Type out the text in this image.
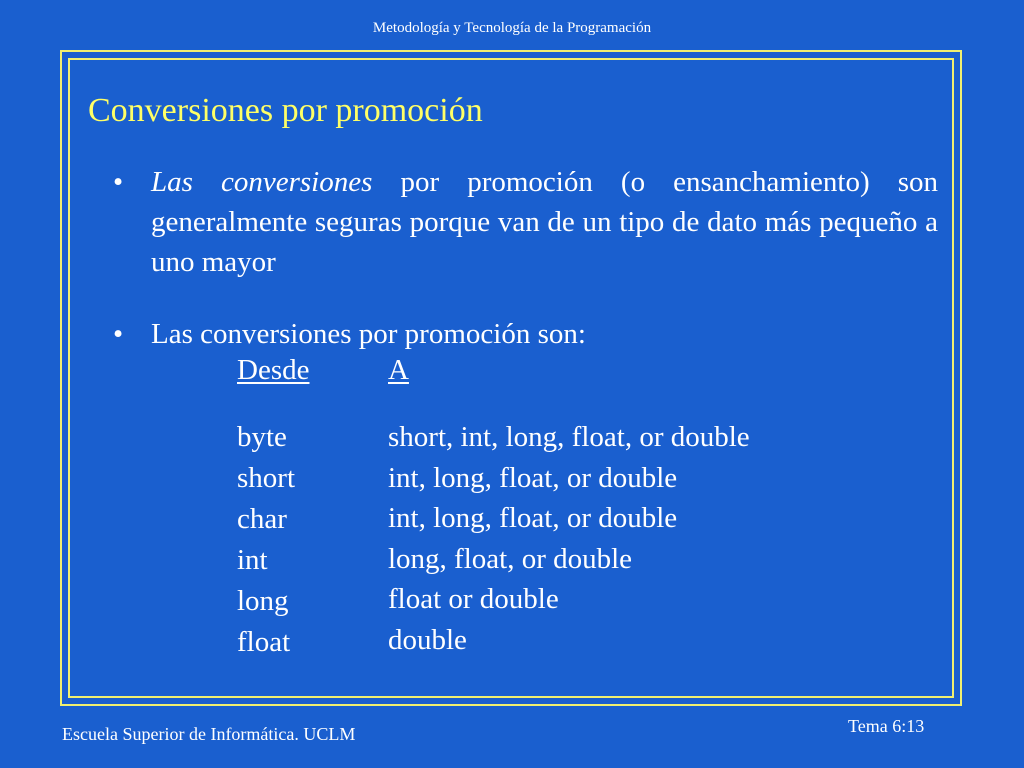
Metodología y Tecnología de la Programación
Conversiones por promoción
• Las conversiones por promoción (o ensanchamiento) son generalmente seguras porque van de un tipo de dato más pequeño a uno mayor
• Las conversiones por promoción son:
Desde	A
byte
short
char
int
long
float
short, int, long, float, or double
int, long, float, or double
int, long, float, or double
long, float, or double
float or double
double
Escuela Superior de Informática. UCLM	Tema 6:13
